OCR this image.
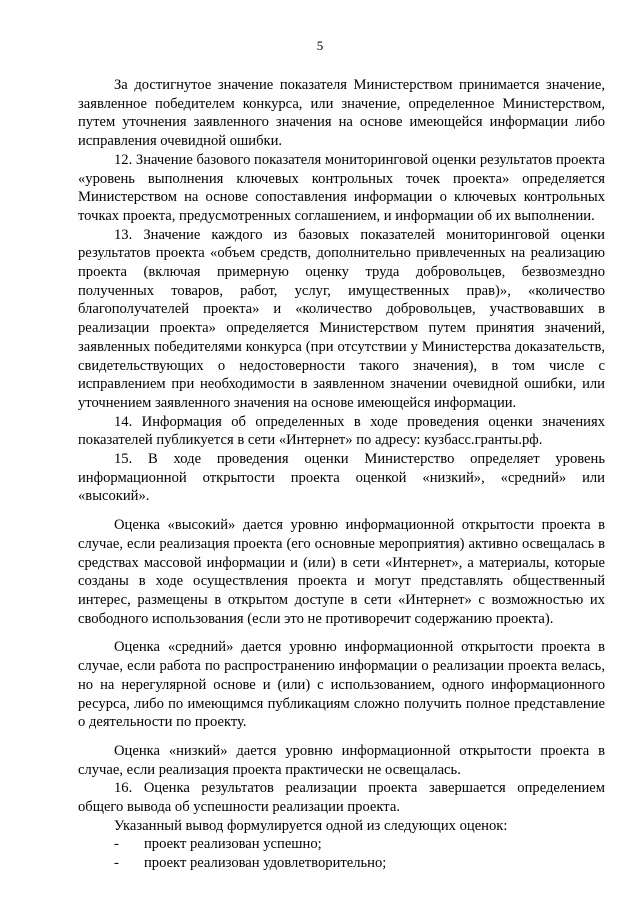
5

За достигнутое значение показателя Министерством принимается значение, заявленное победителем конкурса, или значение, определенное Министерством, путем уточнения заявленного значения на основе имеющейся информации либо исправления очевидной ошибки.

12. Значение базового показателя мониторинговой оценки результатов проекта «уровень выполнения ключевых контрольных точек проекта» определяется Министерством на основе сопоставления информации о ключевых контрольных точках проекта, предусмотренных соглашением, и информации об их выполнении.

13. Значение каждого из базовых показателей мониторинговой оценки результатов проекта «объем средств, дополнительно привлеченных на реализацию проекта (включая примерную оценку труда добровольцев, безвозмездно полученных товаров, работ, услуг, имущественных прав)», «количество благополучателей проекта» и «количество добровольцев, участвовавших в реализации проекта» определяется Министерством путем принятия значений, заявленных победителями конкурса (при отсутствии у Министерства доказательств, свидетельствующих о недостоверности такого значения), в том числе с исправлением при необходимости в заявленном значении очевидной ошибки, или уточнением заявленного значения на основе имеющейся информации.

14. Информация об определенных в ходе проведения оценки значениях показателей публикуется в сети «Интернет» по адресу: кузбасс.гранты.рф.

15. В ходе проведения оценки Министерство определяет уровень информационной открытости проекта оценкой «низкий», «средний» или «высокий».

Оценка «высокий» дается уровню информационной открытости проекта в случае, если реализация проекта (его основные мероприятия) активно освещалась в средствах массовой информации и (или) в сети «Интернет», а материалы, которые созданы в ходе осуществления проекта и могут представлять общественный интерес, размещены в открытом доступе в сети «Интернет» с возможностью их свободного использования (если это не противоречит содержанию проекта).

Оценка «средний» дается уровню информационной открытости проекта в случае, если работа по распространению информации о реализации проекта велась, но на нерегулярной основе и (или) с использованием, одного информационного ресурса, либо по имеющимся публикациям сложно получить полное представление о деятельности по проекту.

Оценка «низкий» дается уровню информационной открытости проекта в случае, если реализация проекта практически не освещалась.

16. Оценка результатов реализации проекта завершается определением общего вывода об успешности реализации проекта.

Указанный вывод формулируется одной из следующих оценок:

-	проект реализован успешно;
-	проект реализован удовлетворительно;
